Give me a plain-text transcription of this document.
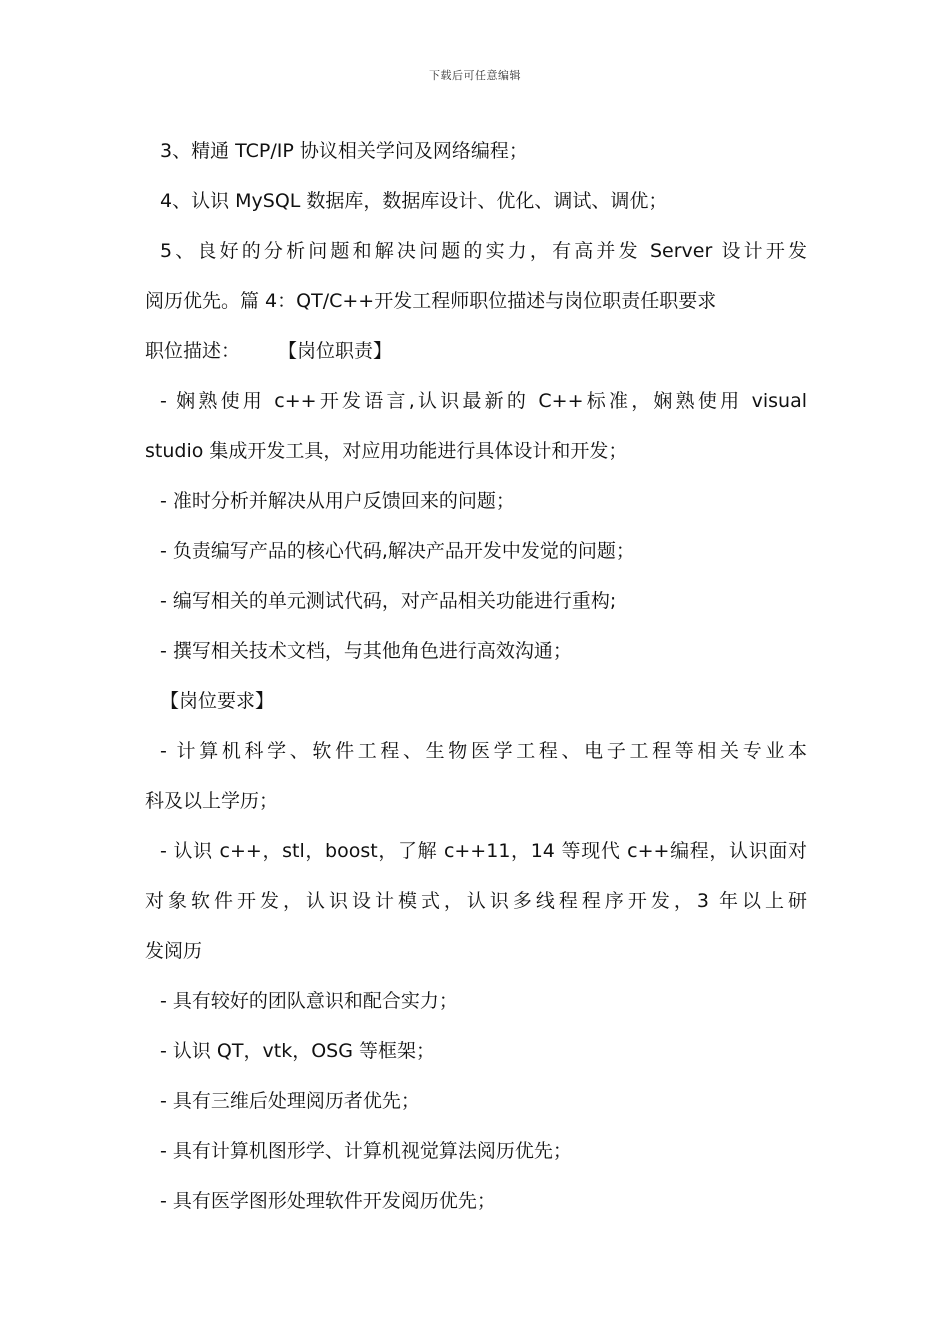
下载后可任意编辑
3、精通 TCP/IP 协议相关学问及网络编程；
4、认识 MySQL 数据库，数据库设计、优化、调试、调优；
5、良好的分析问题和解决问题的实力，有高并发 Server 设计开发
阅历优先。篇 4：QT/C++开发工程师职位描述与岗位职责任职要求
职位描述：　　　【岗位职责】
- 娴熟使用 c++开发语言,认识最新的 C++标准，娴熟使用 visual
studio 集成开发工具，对应用功能进行具体设计和开发；
- 准时分析并解决从用户反馈回来的问题；
- 负责编写产品的核心代码,解决产品开发中发觉的问题；
- 编写相关的单元测试代码，对产品相关功能进行重构;
- 撰写相关技术文档，与其他角色进行高效沟通；
【岗位要求】
- 计算机科学、软件工程、生物医学工程、电子工程等相关专业本
科及以上学历；
- 认识 c++，stl，boost，了解 c++11，14 等现代 c++编程，认识面对
对象软件开发，认识设计模式，认识多线程程序开发，3 年以上研
发阅历
- 具有较好的团队意识和配合实力；
- 认识 QT，vtk，OSG 等框架；
- 具有三维后处理阅历者优先；
- 具有计算机图形学、计算机视觉算法阅历优先；
- 具有医学图形处理软件开发阅历优先；
